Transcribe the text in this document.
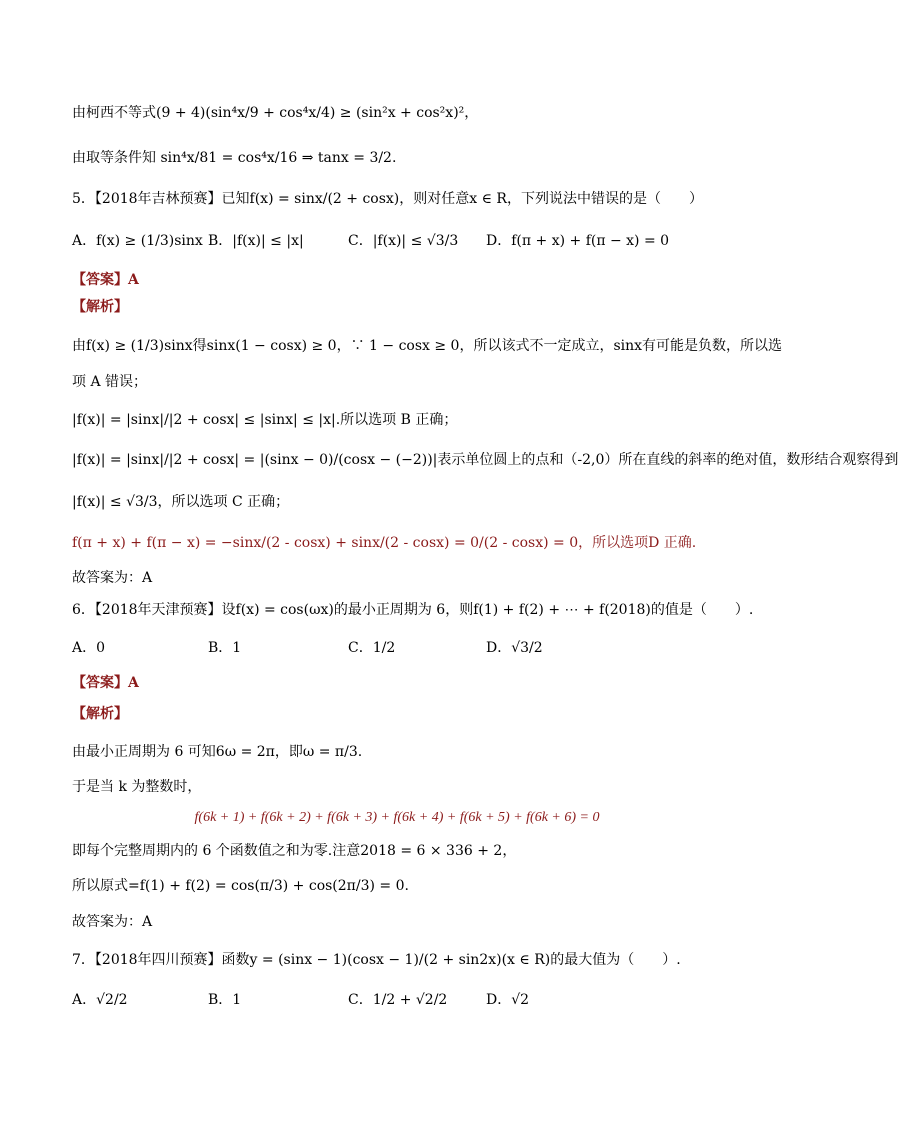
由柯西不等式(9 + 4)(sin⁴x/9 + cos⁴x/4) ≥ (sin²x + cos²x)²，
由取等条件知 sin⁴x/81 = cos⁴x/16 ⇒ tanx = 3/2.
5．【2018年吉林预赛】已知f(x) = sinx/(2 + cosx)，则对任意x ∈ R，下列说法中错误的是（　　）
【答案】A
【解析】
由f(x) ≥ (1/3)sinx得sinx(1 − cosx) ≥ 0，∵ 1 − cosx ≥ 0，所以该式不一定成立，sinx有可能是负数，所以选
项 A 错误；
|f(x)| = |sinx|/|2 + cosx| ≤ |sinx| ≤ |x|.所以选项 B 正确；
|f(x)| = |sinx|/|2 + cosx| = |(sinx − 0)/(cosx − (−2))|表示单位圆上的点和（-2,0）所在直线的斜率的绝对值，数形结合观察得到
|f(x)| ≤ √3/3，所以选项 C 正确；
f(π + x) + f(π − x) = −sinx/(2 - cosx) + sinx/(2 - cosx) = 0/(2 - cosx) = 0，所以选项D 正确.
故答案为：A
6．【2018年天津预赛】设f(x) = cos(ωx)的最小正周期为 6，则f(1) + f(2) + ⋯ + f(2018)的值是（　　）.
【答案】A
【解析】
由最小正周期为 6 可知6ω = 2π，即ω = π/3.
于是当 k 为整数时，
即每个完整周期内的 6 个函数值之和为零.注意2018 = 6 × 336 + 2，
所以原式=f(1) + f(2) = cos(π/3) + cos(2π/3) = 0.
故答案为：A
7．【2018年四川预赛】函数y = (sinx − 1)(cosx − 1)/(2 + sin2x)(x ∈ R)的最大值为（　　）.
f(6k + 1) + f(6k + 2) + f(6k + 3) + f(6k + 4) + f(6k + 5) + f(6k + 6) = 0
A．f(x) ≥ (1/3)sinx B．|f(x)| ≤ |x|	C．|f(x)| ≤ √3/3 D．f(π + x) + f(π − x) = 0
A．0	B．1	C．1/2	D．√3/2
A．√2/2	B．1	C．1/2 + √2/2	D．√2
